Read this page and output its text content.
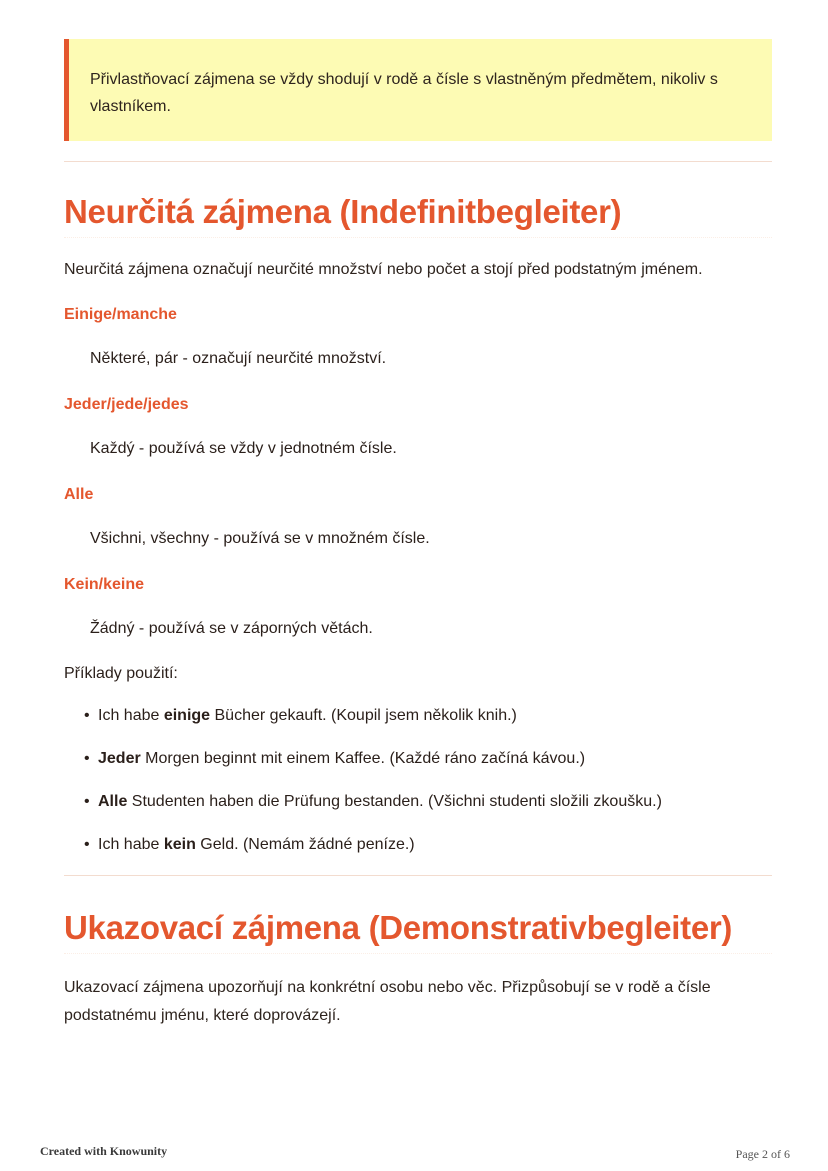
Přivlastňovací zájmena se vždy shodují v rodě a čísle s vlastněným předmětem, nikoliv s vlastníkem.
Neurčitá zájmena (Indefinitbegleiter)

Neurčitá zájmena označují neurčité množství nebo počet a stojí před podstatným jménem.

Einige/manche
Některé, pár - označují neurčité množství.
Jeder/jede/jedes
Každý - používá se vždy v jednotném čísle.
Alle
Všichni, všechny - používá se v množném čísle.
Kein/keine
Žádný - používá se v záporných větách.
Příklady použití:
• Ich habe einige Bücher gekauft. (Koupil jsem několik knih.)
• Jeder Morgen beginnt mit einem Kaffee. (Každé ráno začíná kávou.)
• Alle Studenten haben die Prüfung bestanden. (Všichni studenti složili zkoušku.)
• Ich habe kein Geld. (Nemám žádné peníze.)
Ukazovací zájmena (Demonstrativbegleiter)

Ukazovací zájmena upozorňují na konkrétní osobu nebo věc. Přizpůsobují se v rodě a čísle podstatnému jménu, které doprovázejí.

Created with Knowunity	Page 2 of 6
